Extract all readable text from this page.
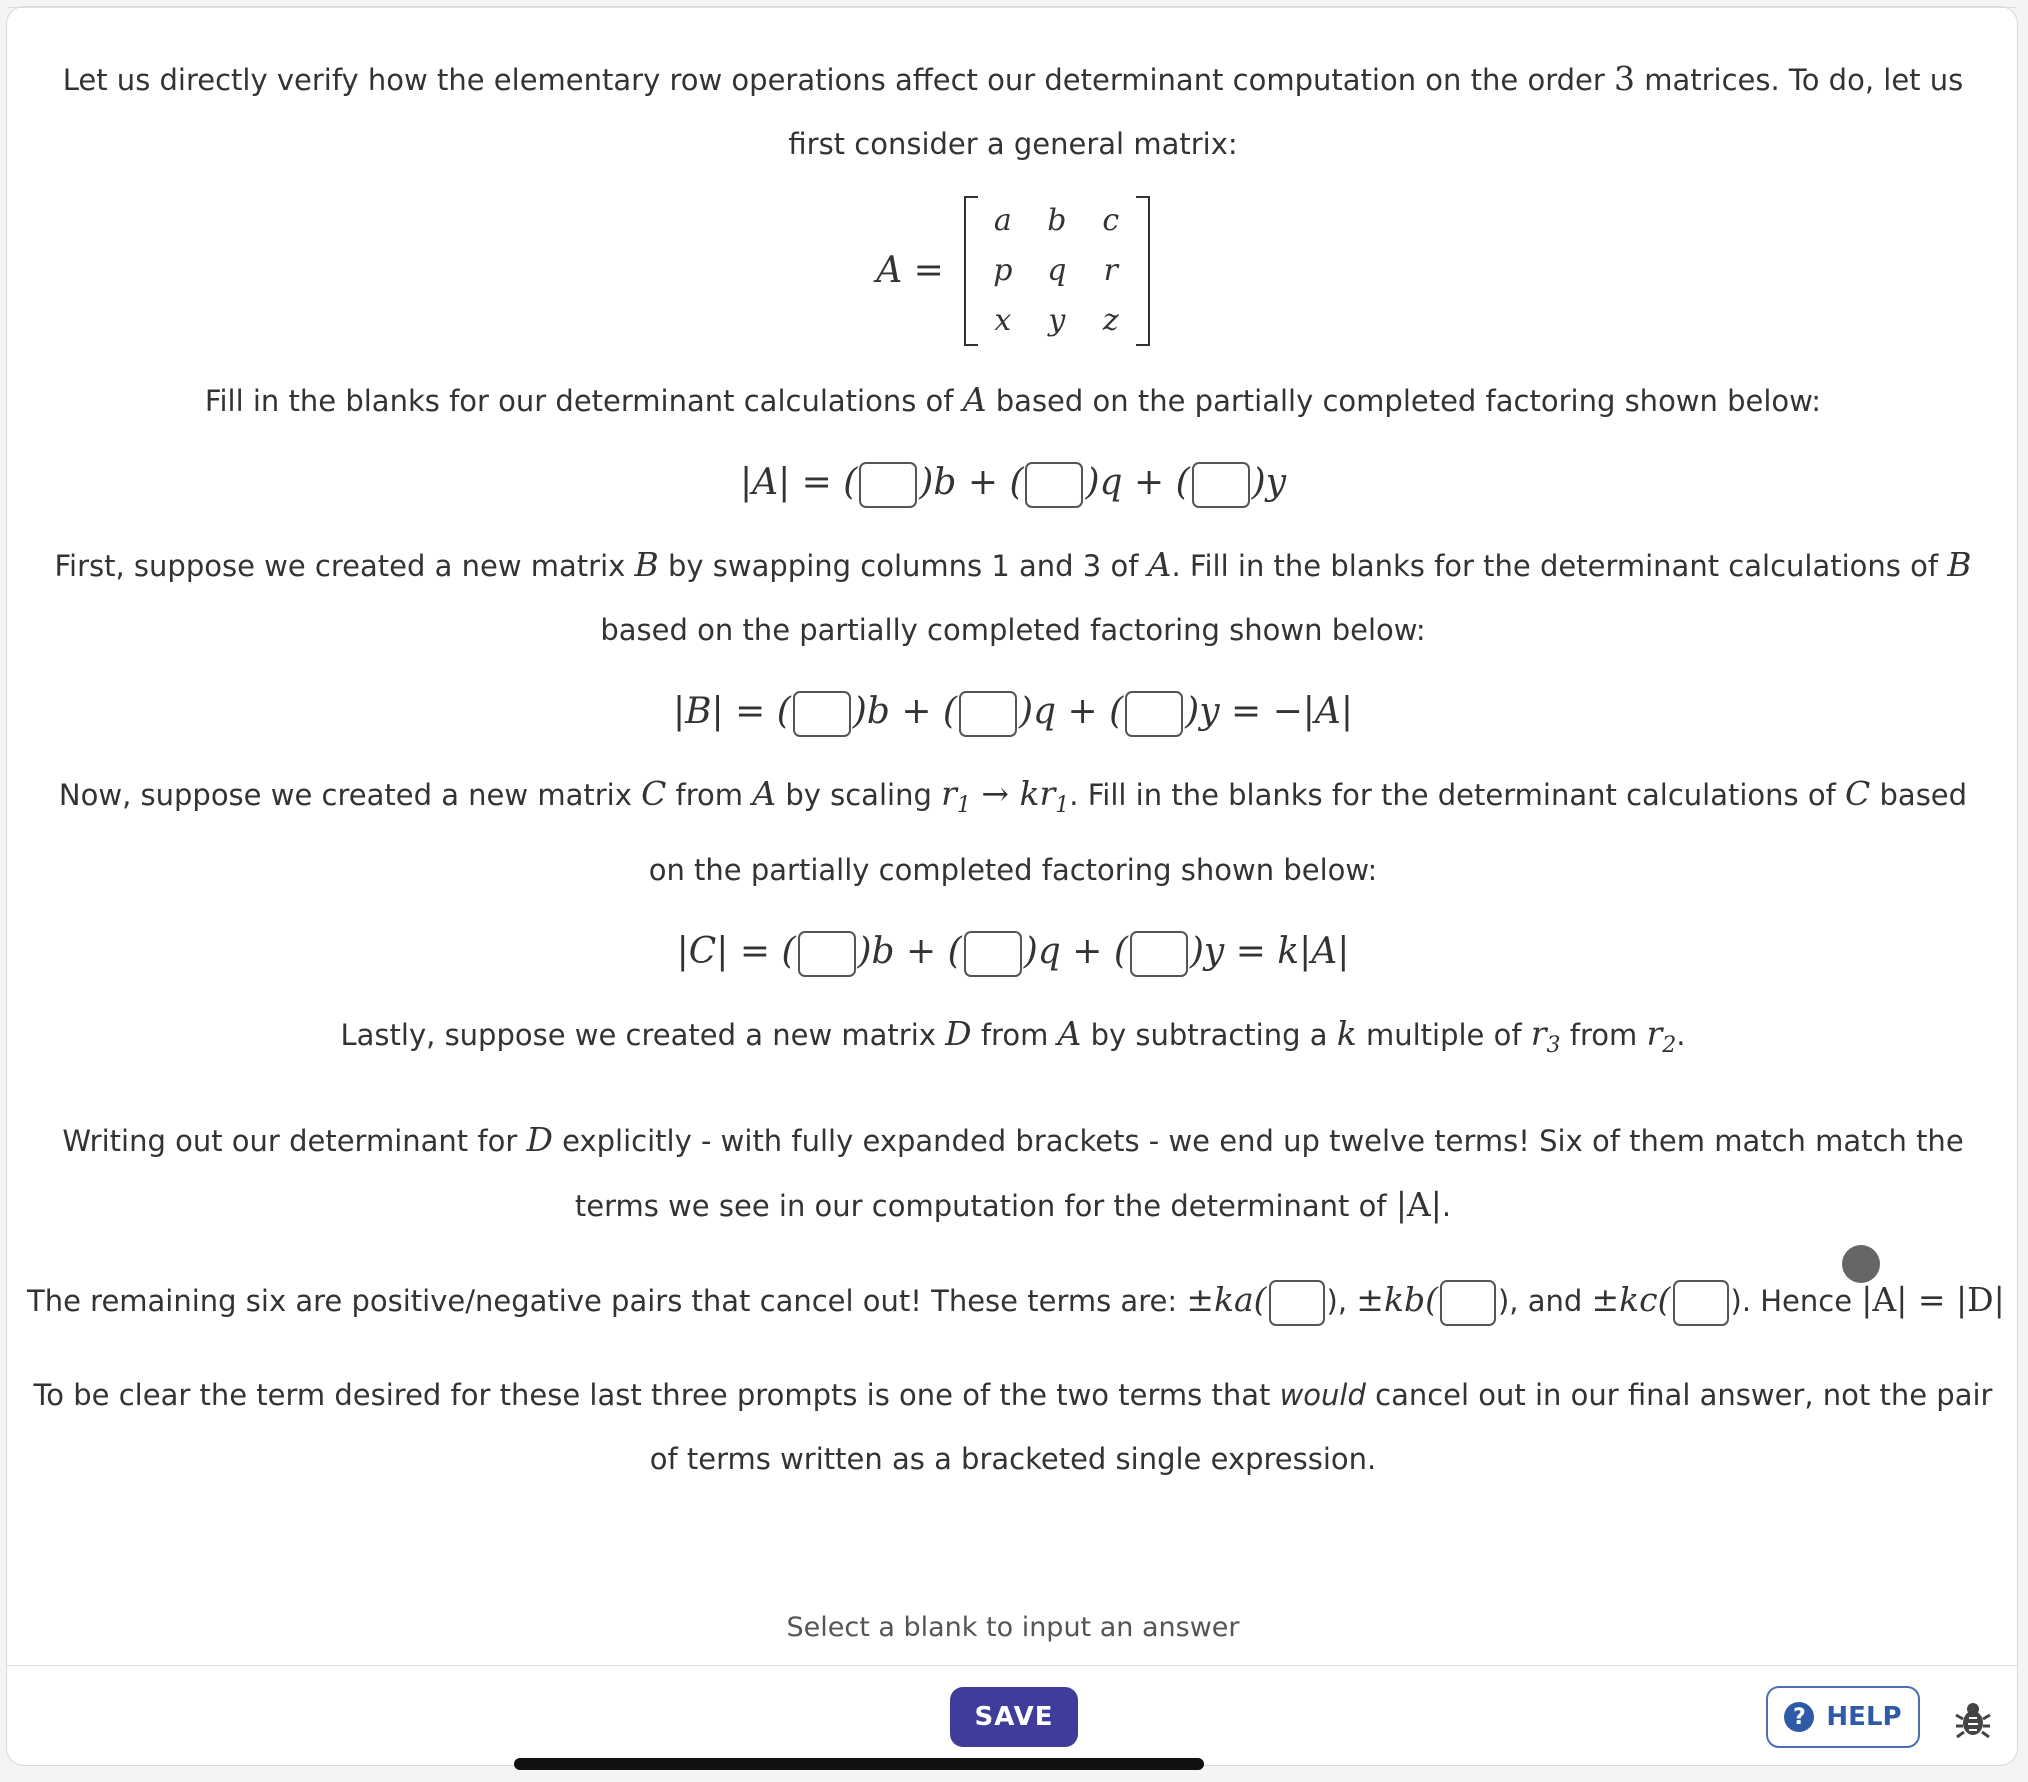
Let us directly verify how the elementary row operations affect our determinant computation on the order 3 matrices. To do, let us first consider a general matrix:

A =
a b c
p q r
x y z

Fill in the blanks for our determinant calculations of A based on the partially completed factoring shown below:

|A| = ( )b + ( )q + ( )y

First, suppose we created a new matrix B by swapping columns 1 and 3 of A. Fill in the blanks for the determinant calculations of B based on the partially completed factoring shown below:

|B| = ( )b + ( )q + ( )y = −|A|

Now, suppose we created a new matrix C from A by scaling $r_1 \to kr_1$. Fill in the blanks for the determinant calculations of C based on the partially completed factoring shown below:

|C| = ( )b + ( )q + ( )y = k|A|

Lastly, suppose we created a new matrix D from A by subtracting a k multiple of $r_3$ from $r_2$.

Writing out our determinant for D explicitly - with fully expanded brackets - we end up twelve terms! Six of them match match the terms we see in our computation for the determinant of |A|.

The remaining six are positive/negative pairs that cancel out! These terms are: ±ka( ), ±kb( ), and ±kc( ). Hence |A| = |D|

To be clear the term desired for these last three prompts is one of the two terms that would cancel out in our final answer, not the pair of terms written as a bracketed single expression.

Select a blank to input an answer
SAVE	? HELP
